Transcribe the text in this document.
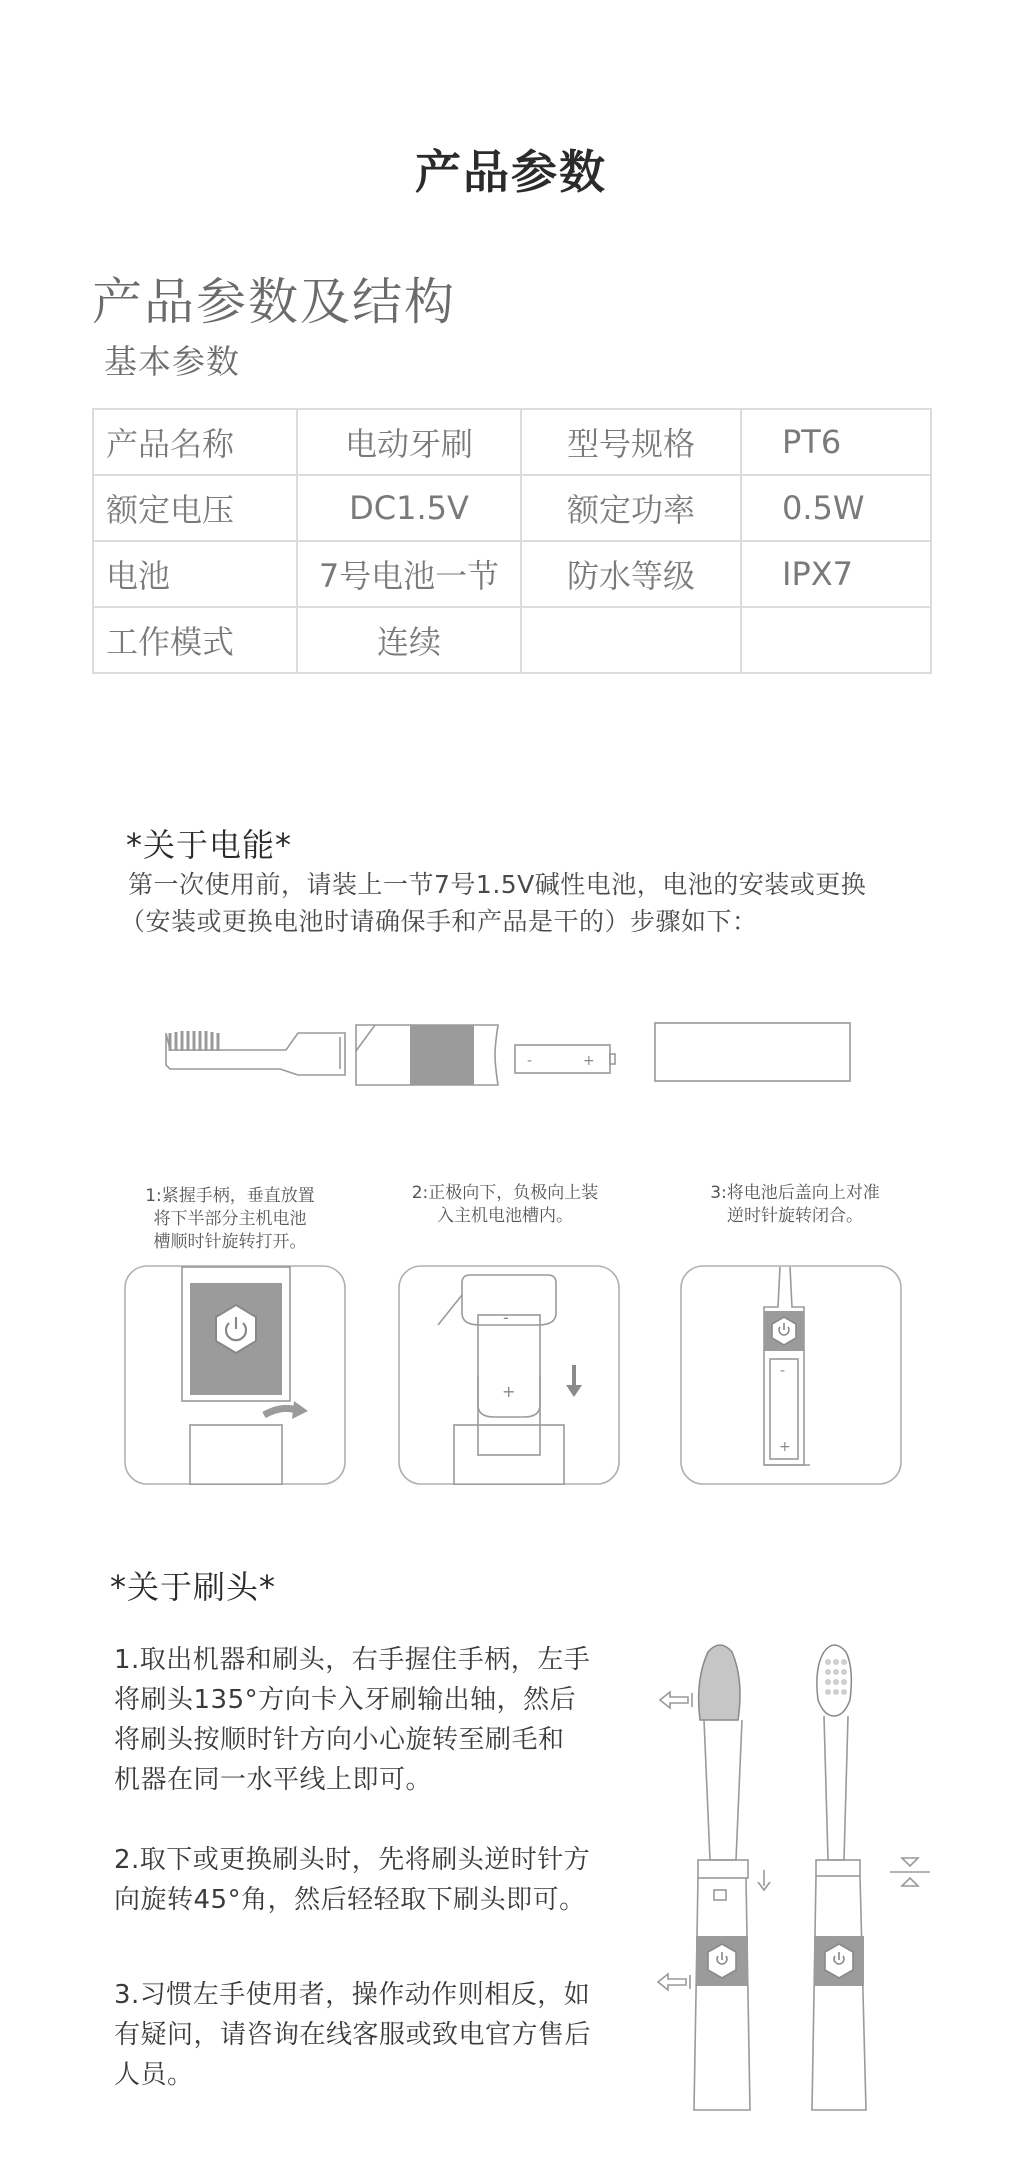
产品参数
产品参数及结构
基本参数
产品名称	电动牙刷	型号规格	PT6
额定电压	DC1.5V	额定功率	0.5W
电池	7号电池一节	防水等级	IPX7
工作模式	连续		
*关于电能*
第一次使用前，请装上一节7号1.5V碱性电池，电池的安装或更换
（安装或更换电池时请确保手和产品是干的）步骤如下：
-	+
1:紧握手柄，垂直放置
将下半部分主机电池
槽顺时针旋转打开。
2:正极向下，负极向上装
入主机电池槽内。
3:将电池后盖向上对准
逆时针旋转闭合。
-
+
-
+
*关于刷头*
1.取出机器和刷头，右手握住手柄，左手
将刷头135°方向卡入牙刷输出轴，然后
将刷头按顺时针方向小心旋转至刷毛和
机器在同一水平线上即可。
2.取下或更换刷头时，先将刷头逆时针方
向旋转45°角，然后轻轻取下刷头即可。
3.习惯左手使用者，操作动作则相反，如
有疑问，请咨询在线客服或致电官方售后
人员。
